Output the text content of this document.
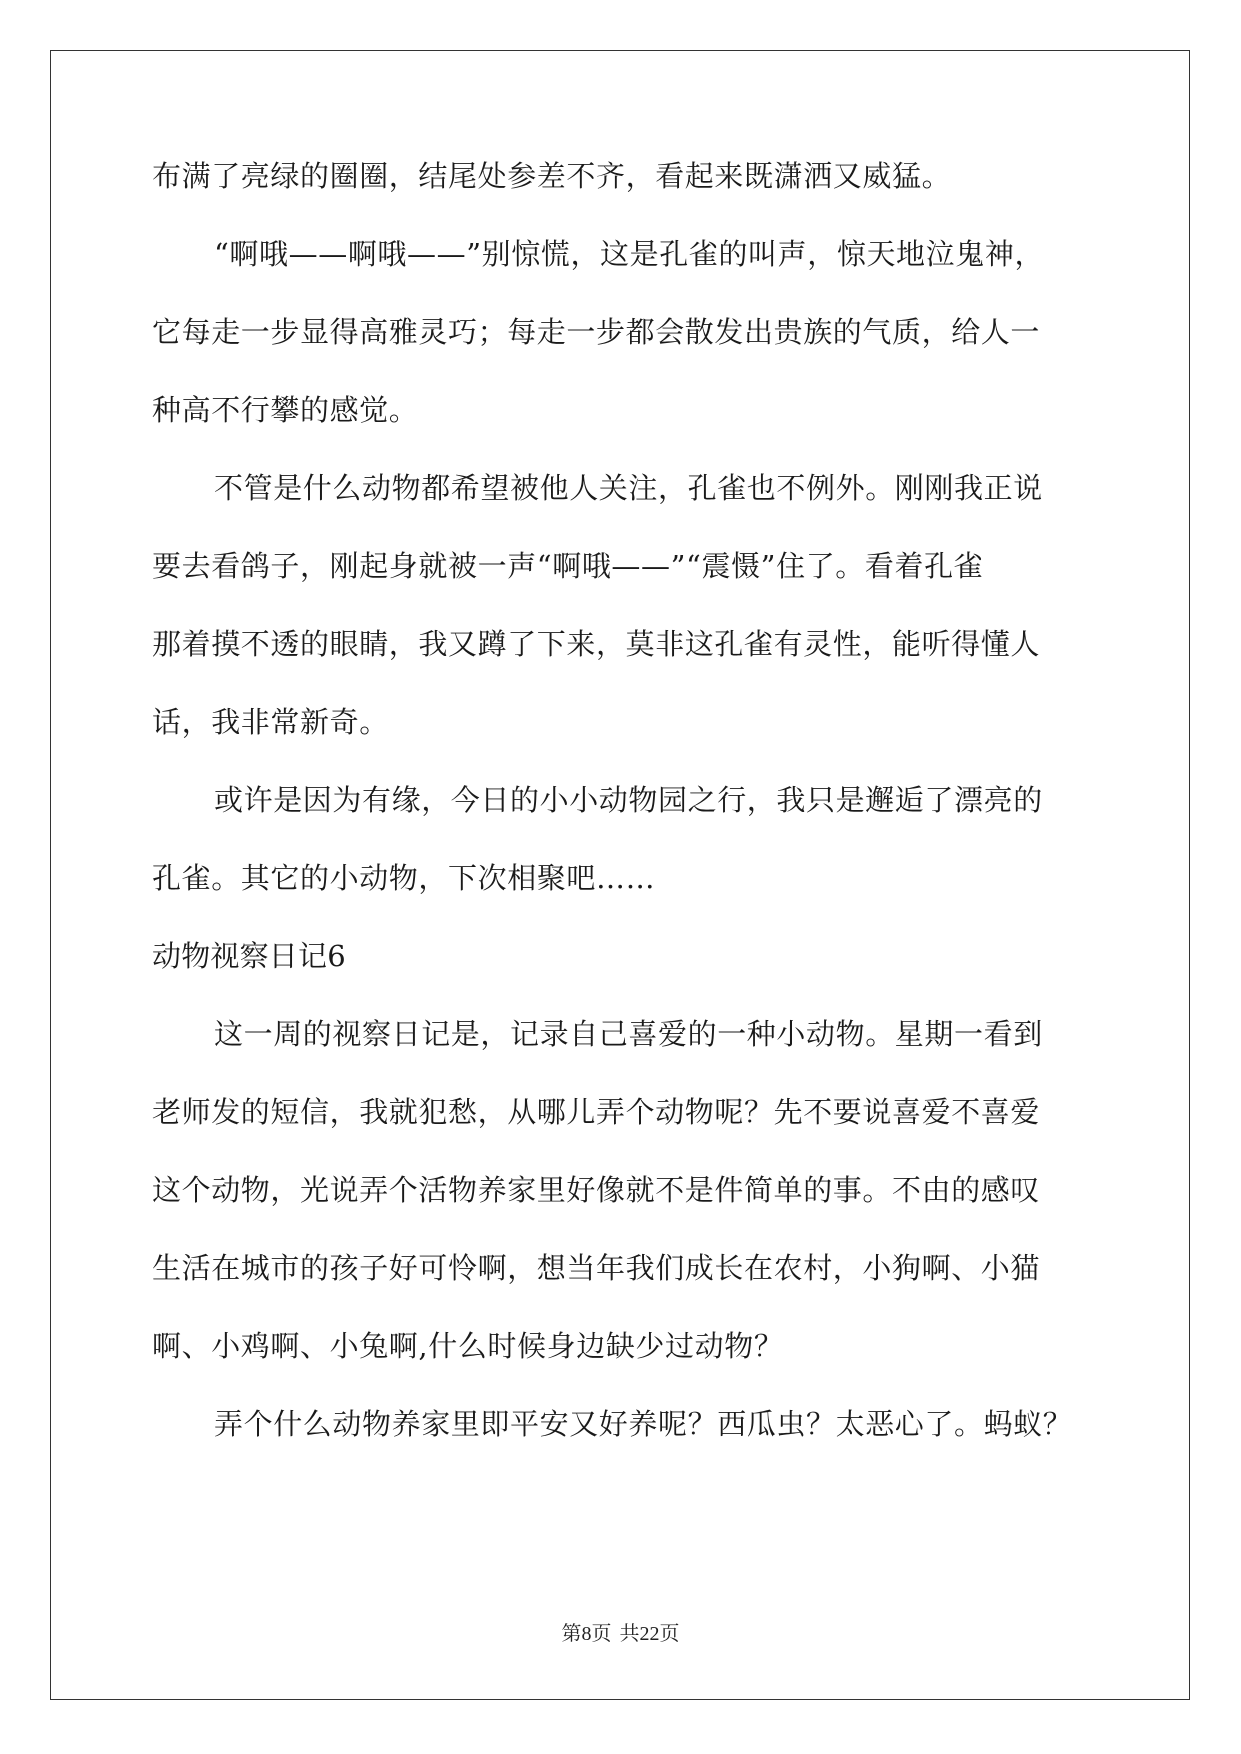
布满了亮绿的圈圈，结尾处参差不齐，看起来既潇洒又威猛。
“啊哦——啊哦——”别惊慌，这是孔雀的叫声，惊天地泣鬼神，
它每走一步显得高雅灵巧；每走一步都会散发出贵族的气质，给人一
种高不行攀的感觉。
不管是什么动物都希望被他人关注，孔雀也不例外。刚刚我正说
要去看鸽子，刚起身就被一声“啊哦——”“震慑”住了。看着孔雀
那着摸不透的眼睛，我又蹲了下来，莫非这孔雀有灵性，能听得懂人
话，我非常新奇。
或许是因为有缘，今日的小小动物园之行，我只是邂逅了漂亮的
孔雀。其它的小动物，下次相聚吧……
动物视察日记6
这一周的视察日记是，记录自己喜爱的一种小动物。星期一看到
老师发的短信，我就犯愁，从哪儿弄个动物呢？先不要说喜爱不喜爱
这个动物，光说弄个活物养家里好像就不是件简单的事。不由的感叹
生活在城市的孩子好可怜啊，想当年我们成长在农村，小狗啊、小猫
啊、小鸡啊、小兔啊,什么时候身边缺少过动物？
弄个什么动物养家里即平安又好养呢？西瓜虫？太恶心了。蚂蚁？
第8页 共22页
